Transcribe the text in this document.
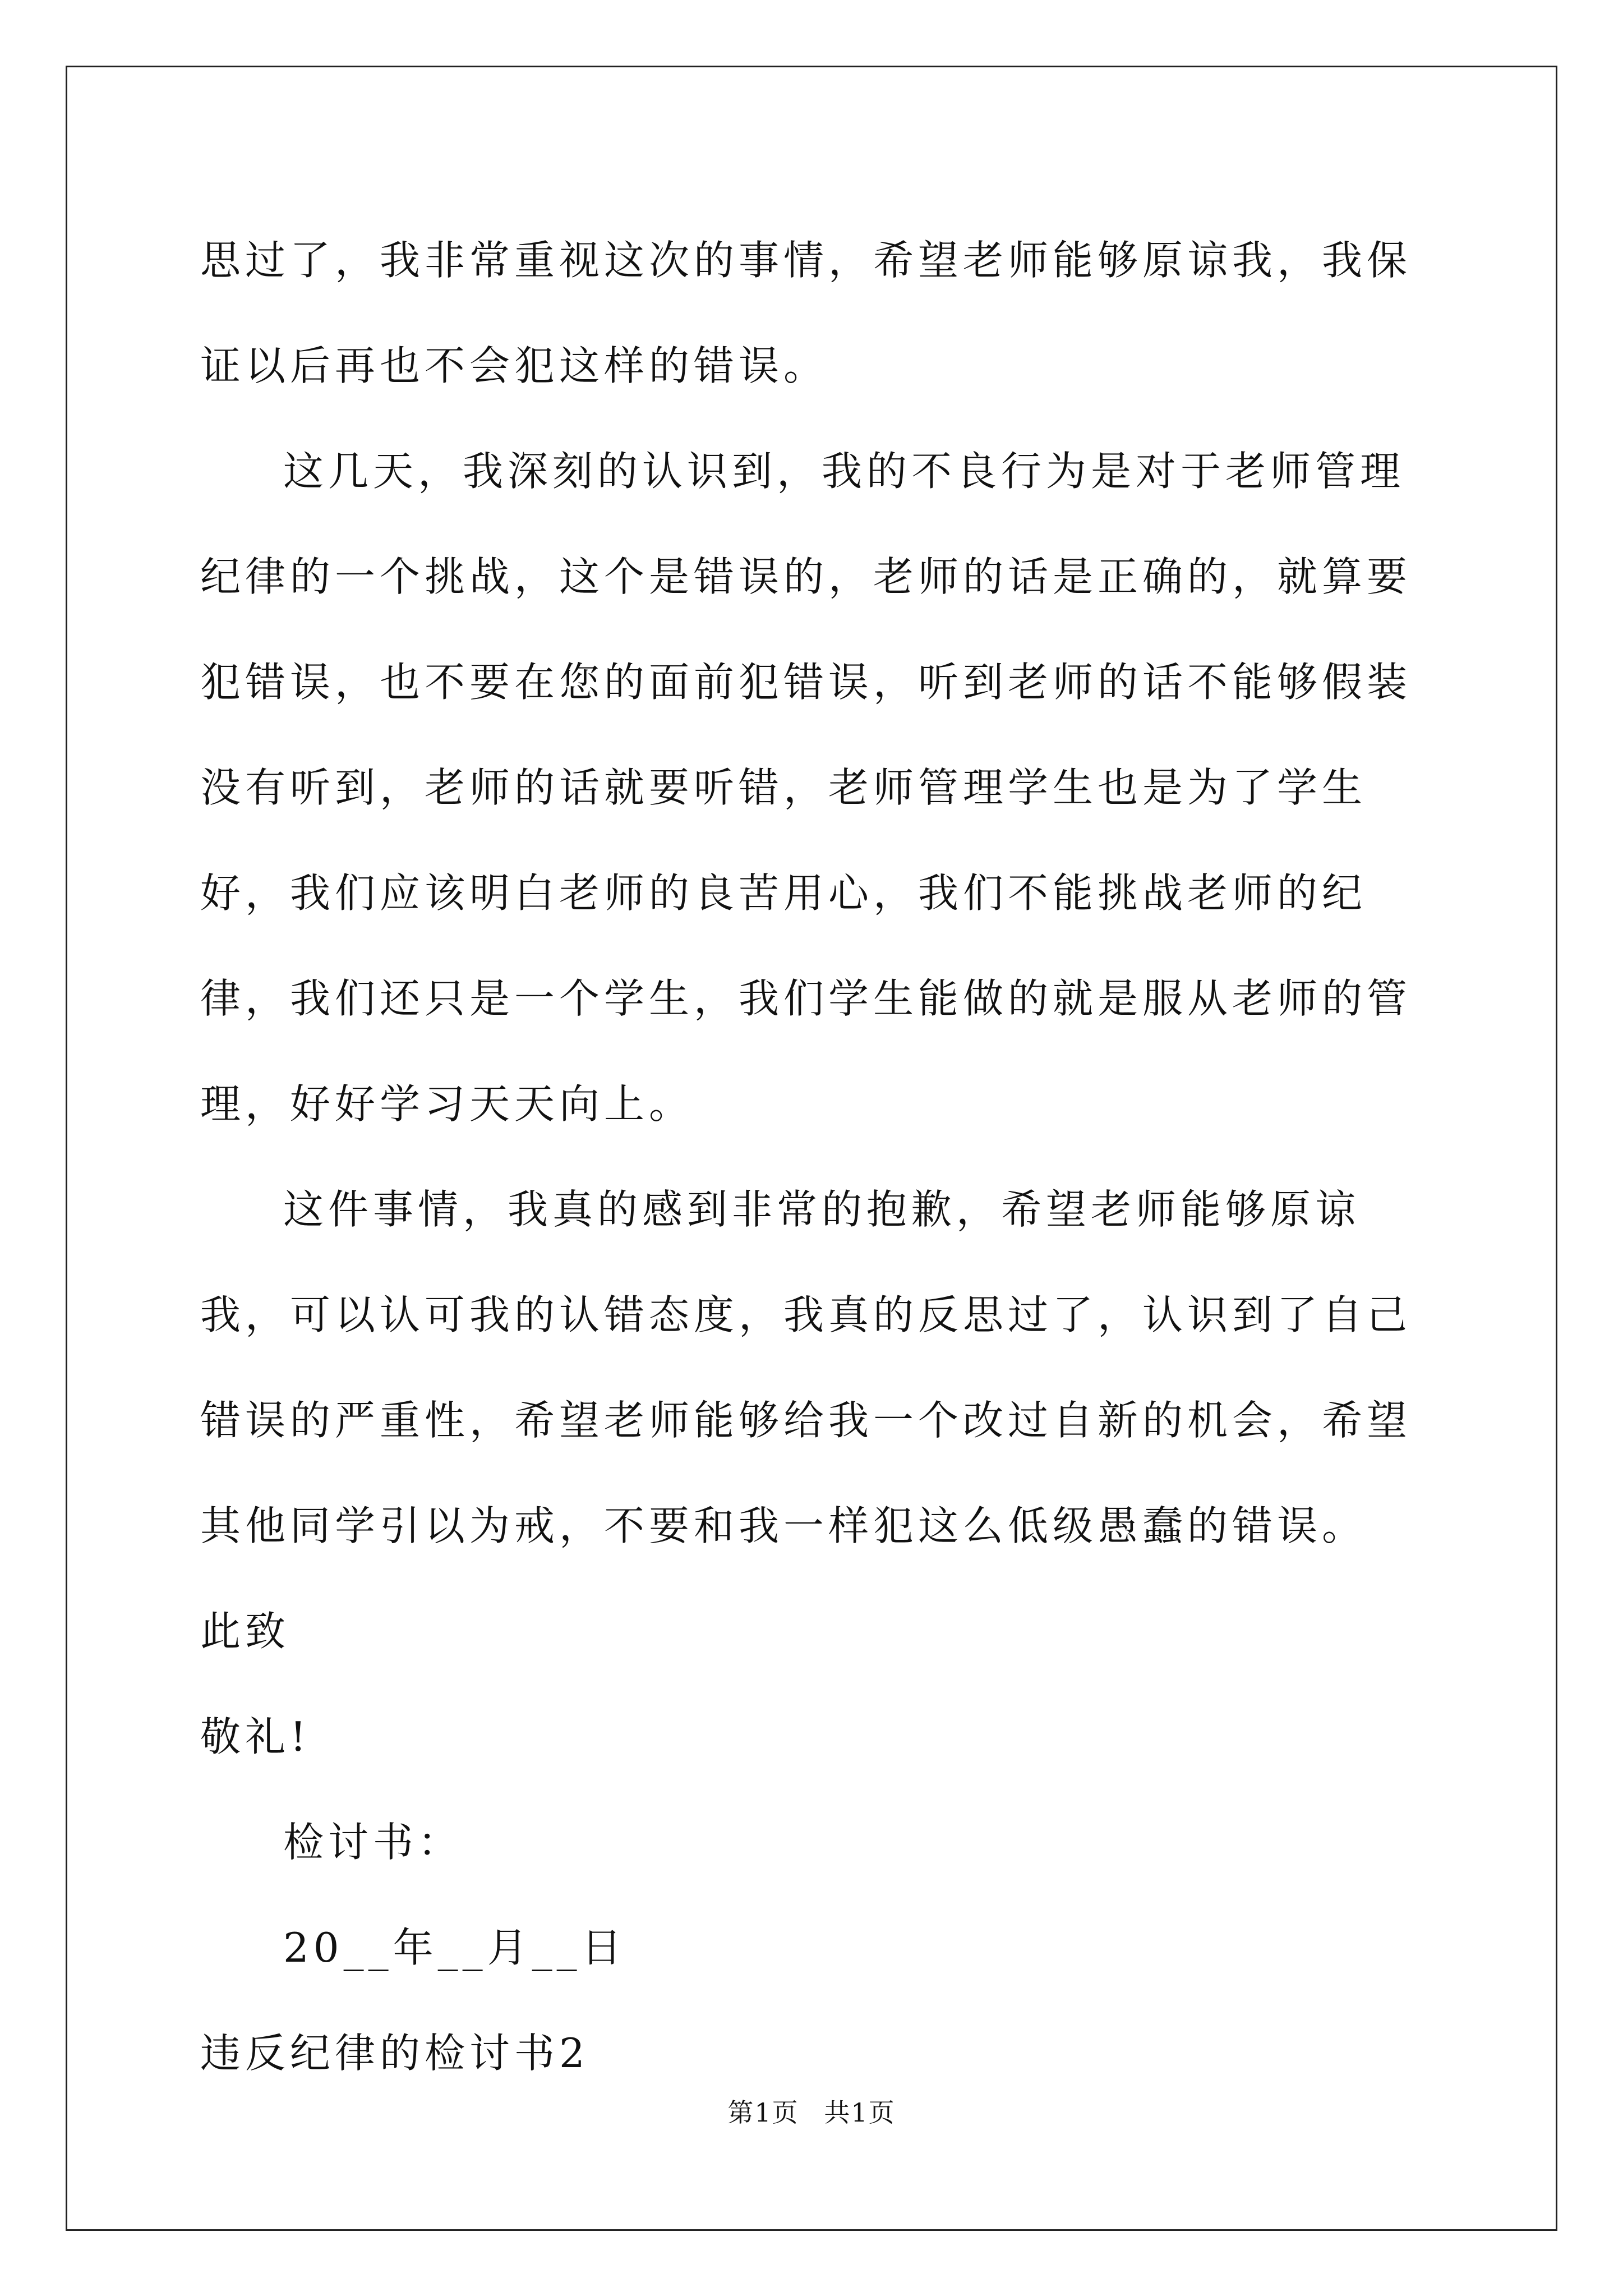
思过了，我非常重视这次的事情，希望老师能够原谅我，我保证以后再也不会犯这样的错误。

这几天，我深刻的认识到，我的不良行为是对于老师管理纪律的一个挑战，这个是错误的，老师的话是正确的，就算要犯错误，也不要在您的面前犯错误，听到老师的话不能够假装没有听到，老师的话就要听错，老师管理学生也是为了学生好，我们应该明白老师的良苦用心，我们不能挑战老师的纪律，我们还只是一个学生，我们学生能做的就是服从老师的管理，好好学习天天向上。

这件事情，我真的感到非常的抱歉，希望老师能够原谅我，可以认可我的认错态度，我真的反思过了，认识到了自己错误的严重性，希望老师能够给我一个改过自新的机会，希望其他同学引以为戒，不要和我一样犯这么低级愚蠢的错误。

此致

敬礼!

检讨书：

20__年__月__日

违反纪律的检讨书2

第1页 共1页
